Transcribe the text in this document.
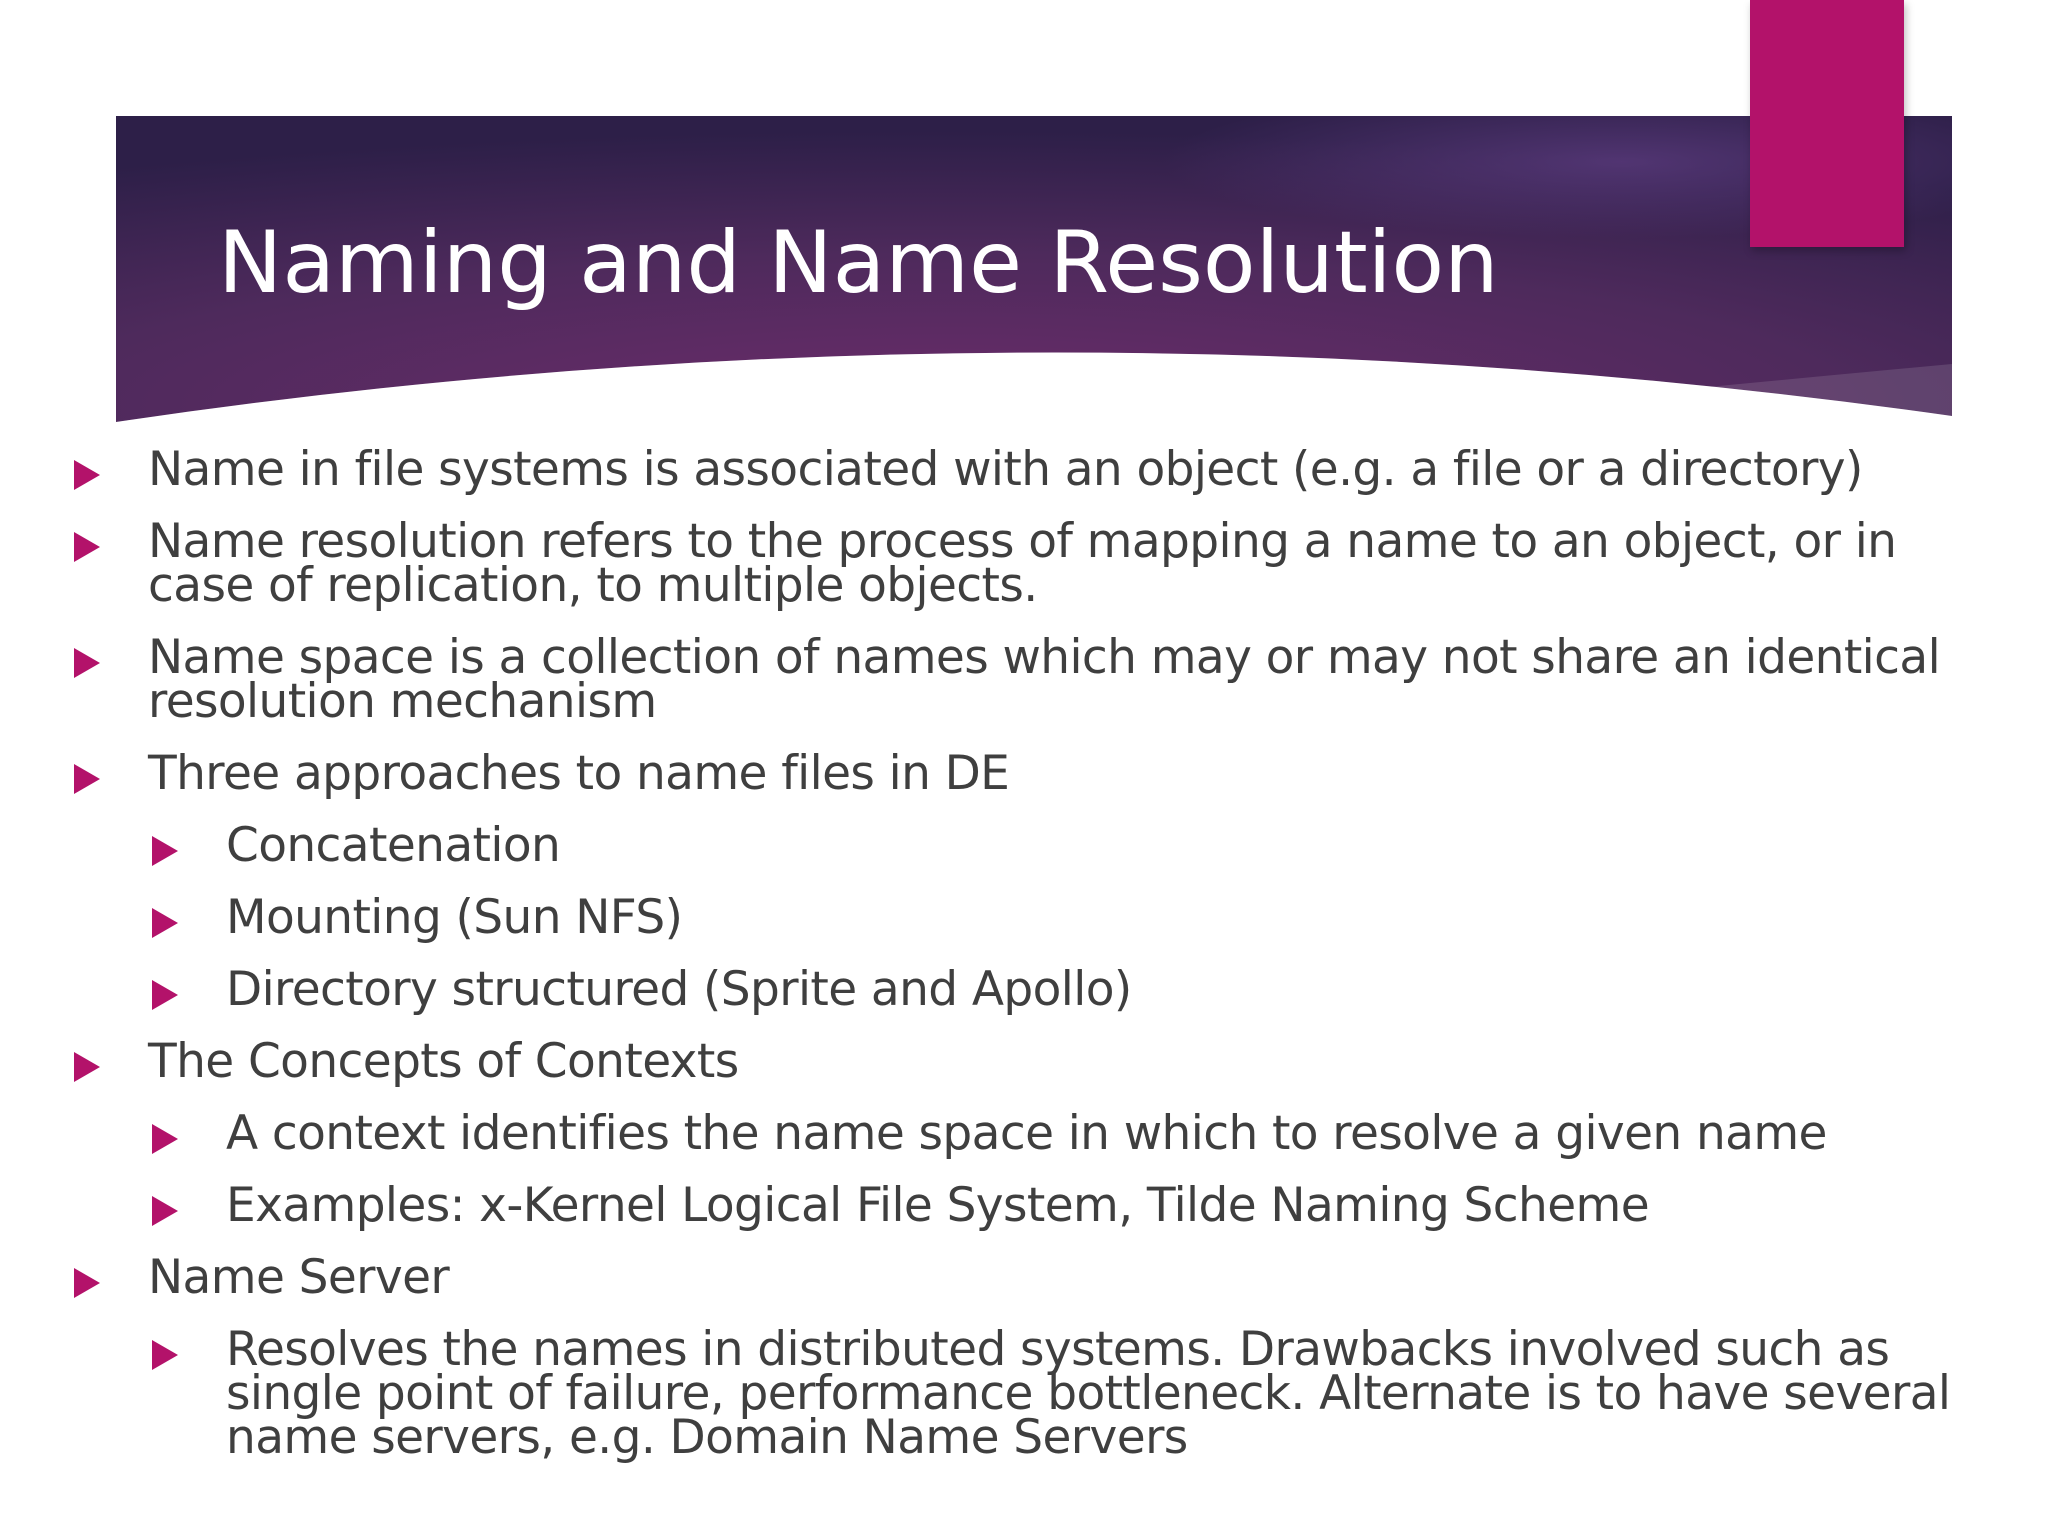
Naming and Name Resolution
Name in file systems is associated with an object (e.g. a file or a directory)
Name resolution refers to the process of mapping a name to an object, or in case of replication, to multiple objects.
Name space is a collection of names which may or may not share an identical resolution mechanism
Three approaches to name files in DE
Concatenation
Mounting (Sun NFS)
Directory structured (Sprite and Apollo)
The Concepts of Contexts
A context identifies the name space in which to resolve a given name
Examples: x-Kernel Logical File System, Tilde Naming Scheme
Name Server
Resolves the names in distributed systems. Drawbacks involved such as single point of failure, performance bottleneck. Alternate is to have several name servers, e.g. Domain Name Servers
